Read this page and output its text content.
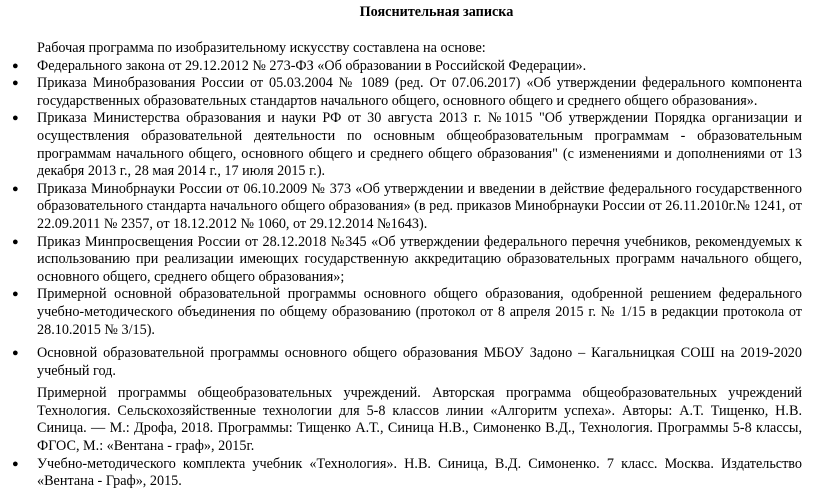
Пояснительная записка
Рабочая программа по изобразительному искусству составлена на основе:
● Федерального закона от 29.12.2012 № 273-ФЗ «Об образовании в Российской Федерации».
● Приказа Минобразования России от 05.03.2004 № 1089 (ред. От 07.06.2017) «Об утверждении федерального компонента государственных образовательных стандартов начального общего, основного общего и среднего общего образования».
● Приказа Министерства образования и науки РФ от 30 августа 2013 г. №1015 "Об утверждении Порядка организации и осуществления образовательной деятельности по основным общеобразовательным программам - образовательным программам начального общего, основного общего и среднего общего образования" (с изменениями и дополнениями от 13 декабря 2013 г., 28 мая 2014 г., 17 июля 2015 г.).
● Приказа Минобрнауки России от 06.10.2009 № 373 «Об утверждении и введении в действие федерального государственного образовательного стандарта начального общего образования» (в ред. приказов Минобрнауки России от 26.11.2010г.№ 1241, от 22.09.2011 № 2357, от 18.12.2012 № 1060, от 29.12.2014 №1643).
● Приказ Минпросвещения России от 28.12.2018 №345 «Об утверждении федерального перечня учебников, рекомендуемых к использованию при реализации имеющих государственную аккредитацию образовательных программ начального общего, основного общего, среднего общего образования»;
● Примерной основной образовательной программы основного общего образования, одобренной решением федерального учебно-методического объединения по общему образованию (протокол от 8 апреля 2015 г. № 1/15 в редакции протокола от 28.10.2015 № 3/15).
● Основной образовательной программы основного общего образования МБОУ Задоно – Кагальницкая СОШ на 2019-2020 учебный год.
Примерной программы общеобразовательных учреждений. Авторская программа общеобразовательных учреждений Технология. Сельскохозяйственные технологии для 5-8 классов линии «Алгоритм успеха». Авторы: А.Т. Тищенко, Н.В. Синица. — М.: Дрофа, 2018. Программы: Тищенко А.Т., Синица Н.В., Симоненко В.Д., Технология. Программы 5-8 классы, ФГОС, М.: «Вентана - граф», 2015г.
● Учебно-методического комплекта учебник «Технология». Н.В. Синица, В.Д. Симоненко. 7 класс. Москва. Издательство «Вентана - Граф», 2015.
